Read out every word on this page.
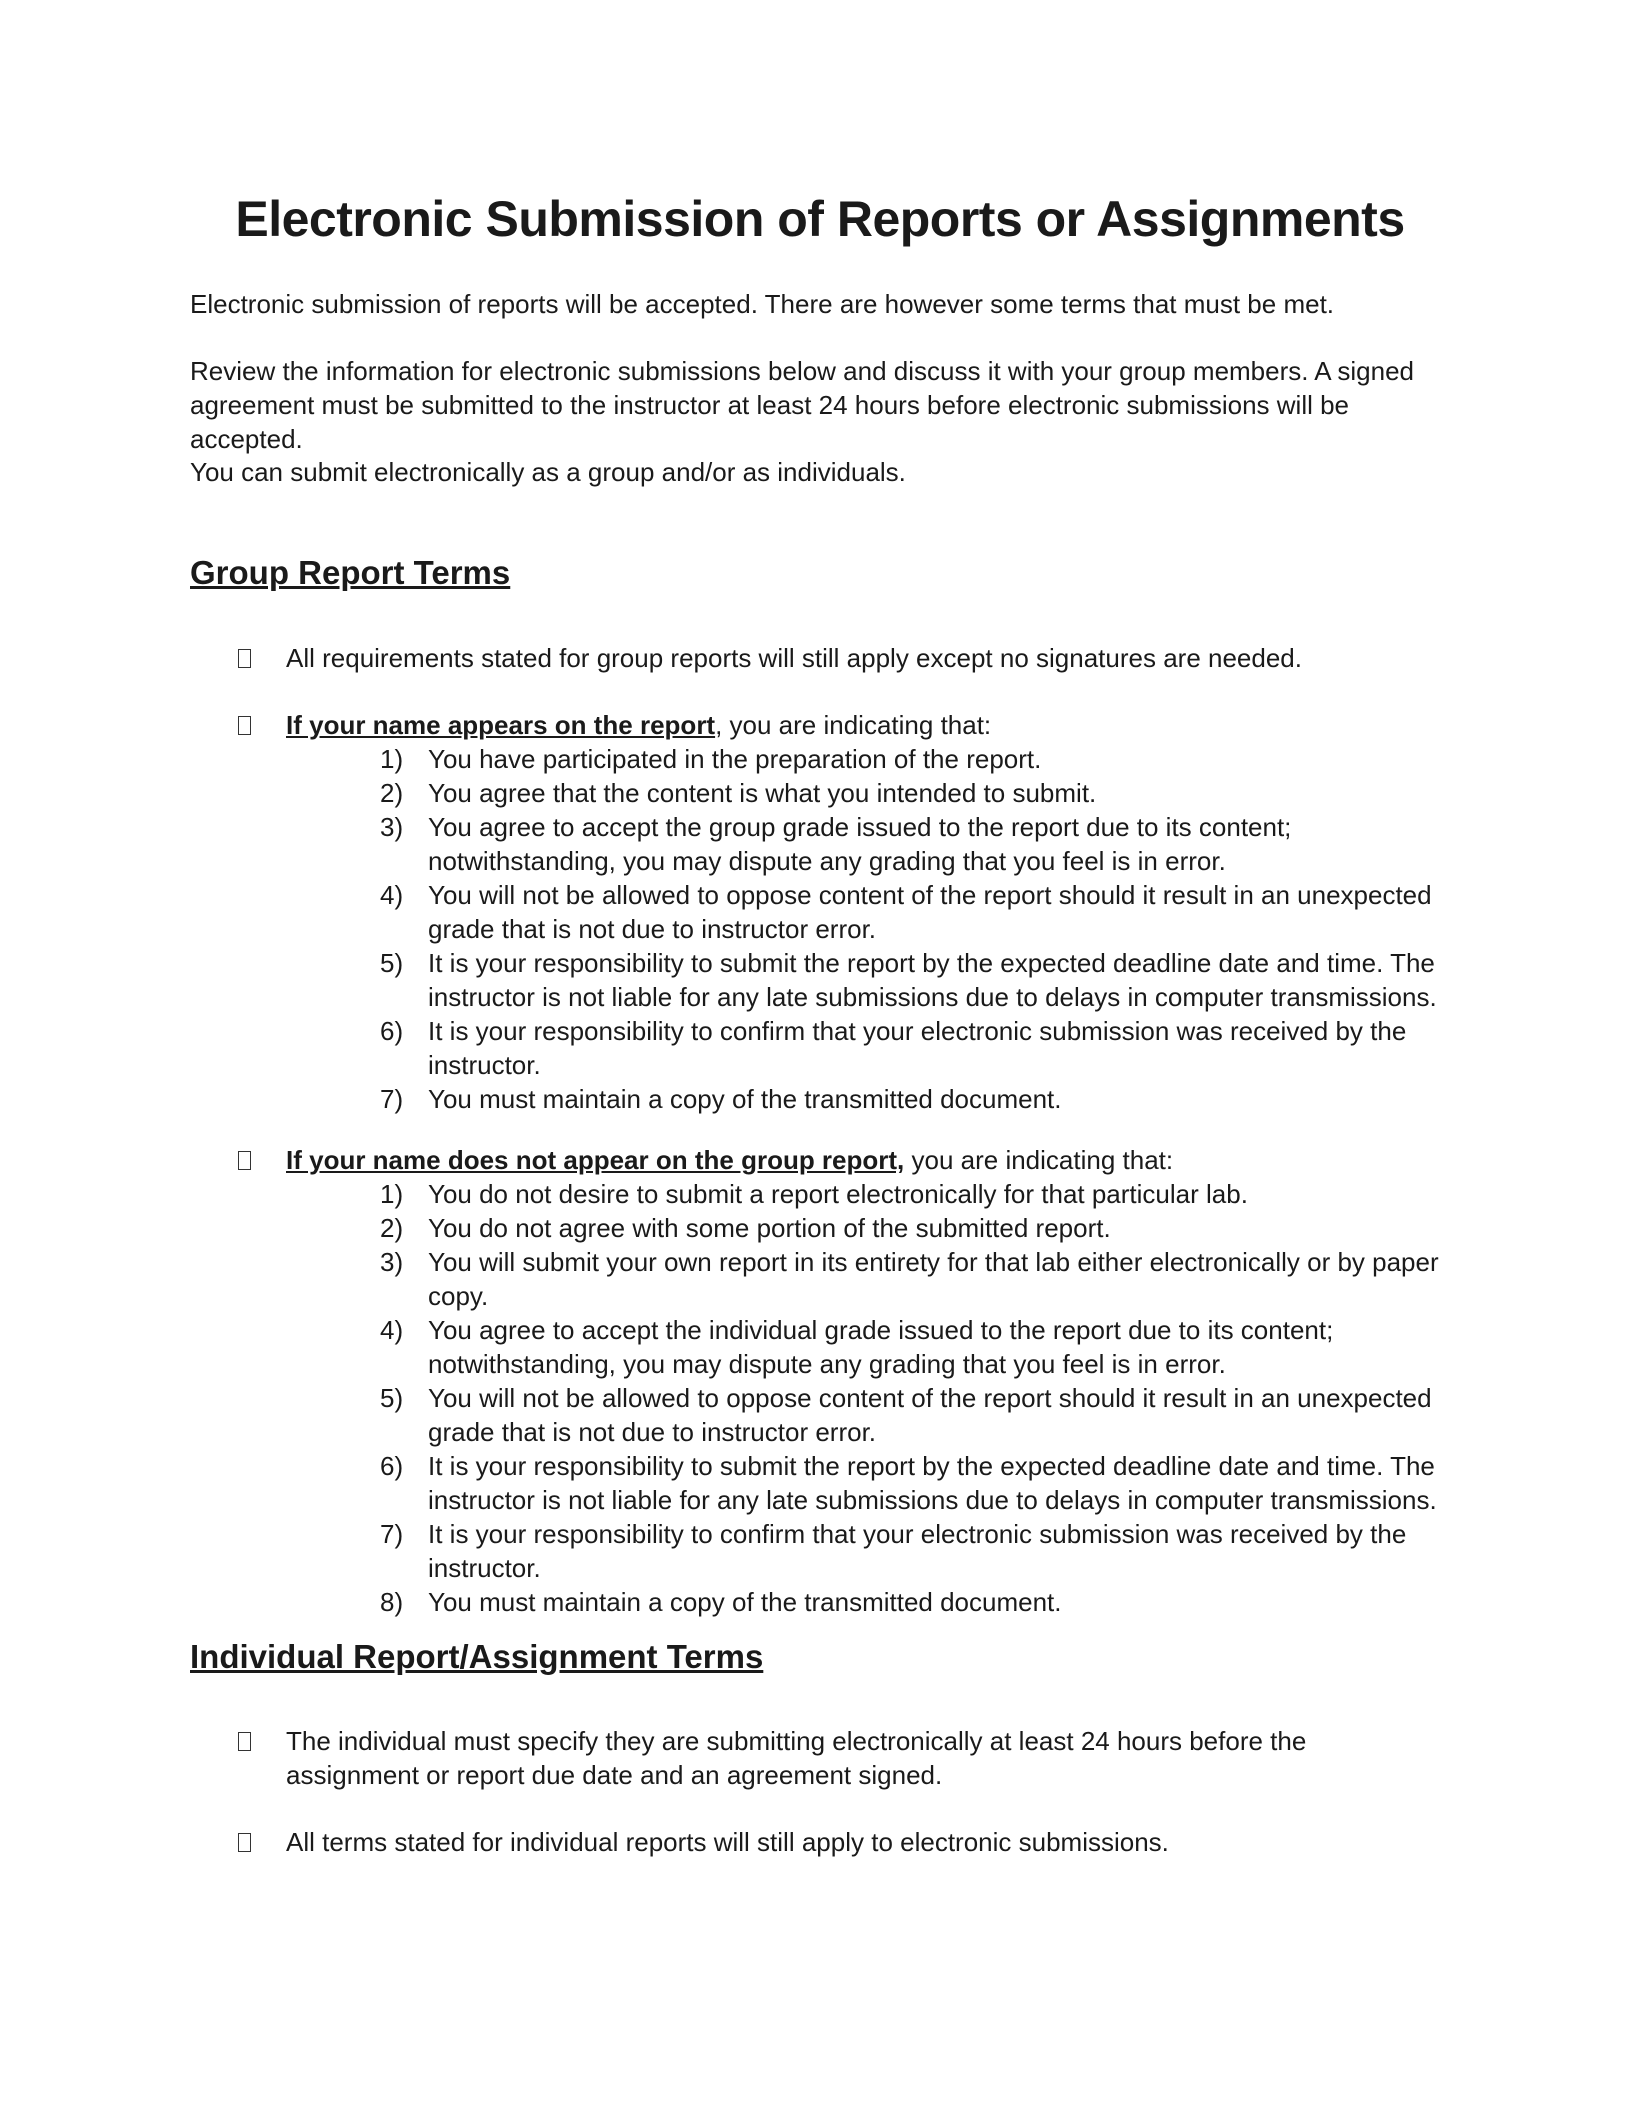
Electronic Submission of Reports or Assignments

Electronic submission of reports will be accepted. There are however some terms that must be met.

Review the information for electronic submissions below and discuss it with your group members. A signed agreement must be submitted to the instructor at least 24 hours before electronic submissions will be accepted.

You can submit electronically as a group and/or as individuals.

Group Report Terms
All requirements stated for group reports will still apply except no signatures are needed.
If your name appears on the report, you are indicating that:
1) You have participated in the preparation of the report.
2) You agree that the content is what you intended to submit.
3) You agree to accept the group grade issued to the report due to its content; notwithstanding, you may dispute any grading that you feel is in error.
4) You will not be allowed to oppose content of the report should it result in an unexpected grade that is not due to instructor error.
5) It is your responsibility to submit the report by the expected deadline date and time. The instructor is not liable for any late submissions due to delays in computer transmissions.
6) It is your responsibility to confirm that your electronic submission was received by the instructor.
7) You must maintain a copy of the transmitted document.
If your name does not appear on the group report, you are indicating that:
1) You do not desire to submit a report electronically for that particular lab.
2) You do not agree with some portion of the submitted report.
3) You will submit your own report in its entirety for that lab either electronically or by paper copy.
4) You agree to accept the individual grade issued to the report due to its content; notwithstanding, you may dispute any grading that you feel is in error.
5) You will not be allowed to oppose content of the report should it result in an unexpected grade that is not due to instructor error.
6) It is your responsibility to submit the report by the expected deadline date and time. The instructor is not liable for any late submissions due to delays in computer transmissions.
7) It is your responsibility to confirm that your electronic submission was received by the instructor.
8) You must maintain a copy of the transmitted document.
Individual Report/Assignment Terms
The individual must specify they are submitting electronically at least 24 hours before the assignment or report due date and an agreement signed.
All terms stated for individual reports will still apply to electronic submissions.
